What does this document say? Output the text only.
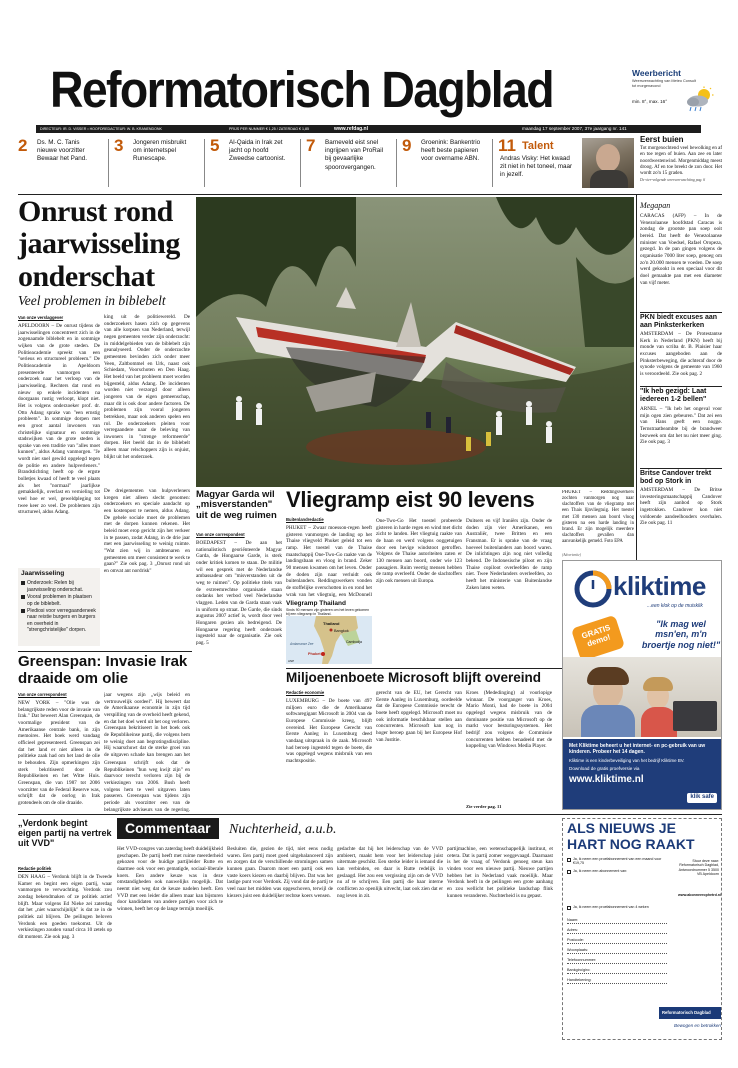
Reformatorisch Dagblad	Weerbericht
Weersverwachting van Meteo Consult
tot morgenavond
min. 8°, max. 16°
DIRECTEUR: IR. D. VISSER • HOOFDREDACTEUR: W. B. KRANENDONK	PRIJS PER NUMMER € 1,25 / ZATERDAG € 1,85	www.refdag.nl	maandag 17 september 2007, 37e jaargang nr. 141
2 Ds. M. C. Tanis nieuwe voorzitter Bewaar het Pand.
3 Jongeren misbruikt om internetspel Runescape.
5 Al-Qaida in Irak zet jacht op hoofd Zweedse cartoonist.
7 Barneveld eist snel ingrijpen van ProRail bij gevaarlijke spoorovergangen.
9 Groenink: Bankentrio heeft beste papieren voor overname ABN.
11 Talent
Andras Visky: Het kwaad zit niet in het toneel, maar in jezelf.
Eerst buien
Tot morgenochtend veel bewolking en af en toe regen of buien. Aan zee en later noordwestenwind. Morgenmiddag meest droog. Af en toe breekt de zon door. Het wordt zo'n 15 graden.
De vier-volgende weersverwachting pag. 6
Onrust rond jaarwisseling onderschat
Veel problemen in biblebelt
Van onze verslaggever
APELDOORN – De onrust tijdens de jaarwisselingen concentreert zich in de zogenaamde biblebelt en in sommige wijken van de grote steden. De Politieacademie spreekt van een "serieus en structureel probleem." De Politieacademie in Apeldoorn presenteerde vanmorgen een onderzoek naar het verloop van de jaarwisseling. Rechters dat rond en nieuw op enkele incidenten na doorgaans rustig verloopt, klopt niet. Het is volgens onderzoeker prof. dr. Otto Adang sprake van "een ernstig probleem". In sommige dorpen met een groot aantal inwoners van christelijke signatuur en sommige stadswijken van de grote steden is sprake van een traditie van "alles moet kunnen", aldus Adang vanmorgen. "Je wordt niet snel gewild opgelegd tegen de politie en andere hulpverleners." Brandstichting heeft op de ergste bolletjes kwaad of heeft te veel plaats als het "normaal" jaarlijkse gemakkelijk, overlast en vernieling tot veel hoe er wel, geweldpleging tot twee keer zo veel. De problemen zijn structureel, aldus Adang.
king uit de politiewereld. De onderzoekers hasen zich op gegevens van alle korpsen van Nederland, terwijl negen gemeenten verder zijn onderzocht: in middelgebieden van de biblebelt zijn geanalyseerd. Onder de onderzochte gemeenten bevinden zich onder meer Veen, Zaltbommel en Urk, naast ook Schiedam, Voorschoten en Den Haag. Het beeld van het probleem moet worden bijgesteld, aldus Adang. De incidenten worden niet verzorgd door alleen jongeren van de eigen gemeenschap, maar dit is ook door andere factoren. De problemen zijn vooral jongeren betrekken, maar ook anderen spelen een rol. De onderzoekers pleiten voor verregaandere naar de beleving van inwoners in "strenge reformeerde" dorpen. Het beeld dat in de biblebelt alleen maar relschoppers zijn is onjuist, blijkt uit het onderzoek.
De dreigementen van hulpverleners kregen niet alleen slecht genomen: onderzoekers en speciale aandacht op een kostenpost te nemen, aldus Adang. De gehele sociale moet de problemen met de dorpen kunnen rekenen. Het beleid moet erop gericht zijn het verkeer in te passen, zodat Adang, in de drie jaar met een jaarwisseling te weinig ruimte. "Wat zien wij in ambtenaren en gemeenten om meer consistent te werk te gaan?" Zie ook pag. 3 „Onrust rond uit en omvat ant nordrisk"
Jaarwisseling
Onderzoek: Relen bij jaarwisseling onderschat.
Vooral problemen in plaatsen op de biblebelt.
Plediosi voor verregaandeneek naar reistie burgers en burgers en overheid in "strengchristelijke" dorpen.
Greenspan: Invasie Irak draaide om olie
Van onze correspondent
NEW YORK – "Olie was de belangrijkste reden voor de invasie van Irak." Dat beweert Alan Greenspan, de voormalige president van de Amerikaanse centrale bank, in zijn memoires. Het boek werd vandaag officieel gepresenteerd. Greenspan zei dat het land er niet alleen in de politieke zaak had om het land de olie te behouden. Zijn opmerkingen zijn sterk bekritiseerd door de Republikeinen en het Witte Huis. Greenspan, die van 1987 tot 2006 voorzitter van de Federal Reserve was, schrijft dat de oorlog in Irak grotendeels om de olie draaide.
jaar wegens zijn „wijs beleid en vertrouwelijk oordeel". Hij beweert dat de Amerikaanse economie in zijn tijd verspilling van de overheid heeft gekend, en dat het doel werd uit het oog verloren. Greenspan bekritiseert in het boek ook de Republikeinse partij, die volgens hem te weinig doet aan begrotingsdiscipline. Hij waarschuwt dat de sterke groei van de uitgaven schade kan brengen aan het
Greenspan schrijft ook dat de Republikeinen "hun weg kwijt zijn" en daarvoor terecht verloren zijn bij de verkiezingen van 2006. Bush heeft volgens hem te veel uitgaven laten passeren. Greenspan was tijdens zijn periode als voorzitter een van de belangrijkste adviseurs van de regering.
Magyar Garda wil „misverstanden" uit de weg ruimen
Van onze correspondent
BOEDAPEST – De aan het nationalistisch georiënteerde Magyar Garda, de Hongaarse Garde, is sterk onder kritiek komen te staan. De militie wil een gesprek met de Nederlandse ambassadeur om "misverstanden uit de weg te ruimen". Op politieke titels van de extreemrechtse organisatie staan ondanks het verbod veel Nederlandse vlaggen. Leden van de Garda staan vaak in uniform op straat. De Garde, die sinds augustus 2007 actief is, wordt door veel Hongaren gezien als bedreigend. De Hongaarse regering heeft onderzoek ingesteld naar de organisatie. Zie ook pag. 5
Vliegramp eist 90 levens
Buitenlandredactie
PHUKET – Zwaar moesson-regen heeft gisteren vanmorgen de landing op het Thaise vliegveld Phuket geleid tot een ramp. Het toestel van de Thaise maatschappij One-Two-Go raakte van de landingsbaan en vloog in brand. Zeker 90 mensen kwamen om het leven. Onder de doden zijn naar verluidt ook buitenlanders. Reddingswerkers vonden de stoffelijke overschotten in en rond het wrak van het vliegtuig, een McDonnell
One-Two-Go Het toestel probeerde gisteren in harde regen en wind met dicht zicht te landen. Het vliegtuig raakte van de baan en werd volgens ooggetuigen door een hevige windstoot getroffen. Volgens de Thaise autoriteiten zaten er 130 mensen aan boord, onder wie 123 passagiers. Ruim veertig mensen hebben de ramp overleefd. Onder de slachtoffers zijn ook mensen uit Europa.
Duitsers en vijf Iraniërs zijn. Onder de doden zijn vier Amerikanen, een Australiër, twee Britten en een Fransman. Er is sprake van de vraag hoeveel buitenlanders aan boord waren. De inlichtingen zijn nog niet volledig bekend. De Indonesische piloot en zijn Thaise copiloot overleefden de ramp niet. Twee Nederlanders overleefden, zo heeft het ministerie van Buitenlandse Zaken laten weten.
PHUKET – Reddingswerkers zochten vanmorgen nog naar slachtoffers van de vliegramp met een Thais lijnvliegtuig. Het toestel met 130 mensen aan boord vloog gisteren na een harde landing in brand. Er zijn mogelijk meerdere slachtoffers gevallen dan aanvankelijk gemeld. Foto EPA
Vliegramp Thailand
Sinds 90 mensen zijn gisteren om het leven gekomen bij een vliegramp in Thailand.
Thailand
Bangkok
Cambodja
Phuket
Andamanse Zee
ANP
Miljoenenboete Microsoft blijft overeind
Redactie economie
LUXEMBURG – De boete van 497 miljoen euro die de Amerikaanse softwaregigant Microsoft in 2004 van de Europese Commissie kreeg, blijft overeind. Het Europese Gerecht van Eerste Aanleg in Luxemburg deed vandaag uitspraak in de zaak. Microsoft had beroep ingesteld tegen de boete, die was opgelegd wegens misbruik van een machtspositie.
gerecht van de EU, het Gerecht van Eerste Aanleg in Luxemburg, oordeelde dat de Europese Commissie terecht de boete heeft opgelegd. Microsoft moet nu ook informatie beschikbaar stellen aan concurrenten. Microsoft kan nog in hoger beroep gaan bij het Europese Hof van Justitie.
Kroes (Mededinging) al voorlopige winnaar. De voorganger van Kroes, Mario Monti, had de boete in 2004 opgelegd wegens misbruik van de dominante positie van Microsoft op de markt voor besturingssystemen. Het bedrijf zou volgens de Commissie concurrenten hebben benadeeld met de koppeling van Windows Media Player.
Zie verder pag. 11
Megapan
CARACAS (AFP) – In de Venezolaanse hoofdstad Caracas is zondag de grootste pan soep ooit bereid. Dat heeft de Venezolaanse minister van Voedsel, Rafael Oropeza, gezegd. In de pan gingen volgens de organisatie 7000 liter soep, genoeg om zo'n 20.000 mensen te voeden. De soep werd gekookt in een speciaal voor dit doel gemaakte pan met een diameter van vijf meter.
PKN biedt excuses aan aan Pinksterkerken
AMSTERDAM – De Protestantse Kerk in Nederland (PKN) heeft bij monde van scriba dr. B. Plaisier haar excuses aangeboden aan de Pinksterbeweging, die achteraf door de synode volgens de gemeente van 1960 is veroordeeld. Zie ook pag. 2
"Ik heb gezigd: Laat iedereen 1-2 bellen"
ARNEL – "Ik heb het ongeval voor mijn ogen zien gebeuren." Dat zei een van Hans geeft een nogge. Ternstraatbeambte bij de brandweer bezweek om dat het nu niet meer ging. Zie ook pag. 3
Britse Candover trekt bod op Stork in
AMSTERDAM – De Britse investeringsmaatschappij Candover heeft zijn aanbod op Stork ingetrokken. Candover kon niet voldoende aandeelhouders overhalen. Zie ook pag. 11
(Advertentie)
kliktime
...een klok op de muisklik
"Ik mag wel msn'en, m'n broertje nog niet!"
GRATIS demo!
Met Kliktime beheert u het internet- en pc-gebruik van uw kinderen. Probeer het 14 dagen.
Kliktime is een kinderbeveiliging van het bedrijf Kliktime BV.
Download de gratis proefversie via
www.kliktime.nl
klik safe
„Verdonk begint eigen partij na vertrek uit VVD"
Redactie politiek
DEN HAAG – Verdonk blijft in de Tweede Kamer en begint een eigen partij, waar vanmorgen te verwachting. Verdonk zou zondag bekendmaken of ze politiek actief blijft. Maar volgens Ed Nieke zei zaterdag dat het „niet waarschijnlijk" is dat ze in de politiek zal blijven. De peilingen beloven Verdonk een goeden toekomst. Uit de verkiezingen zouden vanaf circa 10 zetels op dit moment. Zie ook pag. 3
Commentaar	Nuchterheid, a.u.b.
Het VVD-congres van zaterdag heeft duidelijkheid geschapen. De partij heeft met ruime meerderheid gekozen voor de huidige partijleider Rutte en daarmee ook voor een gematigde, sociaal-liberale koers. Een andere keuze was in deze omstandigheden ook nauwelijks mogelijk. Dat neemt niet weg dat de keuze nadelen heeft. Een VVD met een leider die alleen maar kan bijsturen door kandidaten van andere partijen voor zich te winnen, heeft het op de lange termijn moeilijk.
Besluiten die, gezien de tijd, niet eens nodig waren. Een partij moet goed uitgebalanceerd zijn en zorgen dat de verschillende stromingen samen kunnen gaan. Daarom moet een partij ook een vaste koers kiezen en daarbij blijven. Dat was het lastige punt voor Verdonk. Zij vond dat de partij te veel naar het midden was opgeschoven, terwijl de kiezers juist een duidelijker rechtse koers wensen.
gedachte dat hij het leiderschap van de VVD ambieert, maakt hem voor het leiderschap juist uitermate geschikt. Een sterke leider is iemand die kan verbinden, en daar is Rutte redelijk in geslaagd. Het zou een vergissing zijn om de VVD nu af te schrijven. Een partij die haar interne conflicten zo openlijk uitvecht, laat ook zien dat er nog leven in zit.
partijmachine, een wetenschappelijk instituut, et cetera. Dat is partij zomer weggevaagd. Daarnaast is het de vraag of Verdonk genoeg steun kan vinden voor een nieuwe partij. Nieuwe partijen hebben het in Nederland vaak moeilijk. Maar Verdonk heeft in de peilingen een grote aanhang en zou wellicht het politieke landschap flink kunnen veranderen. Nuchterheid is nu gepast.
ALS NIEUWS JE
HART NOG RAAKT
Ja, ik neem een proefabonnement van een maand voor €19,75
Ja, ik neem een abonnement van:
Ja, ik neem een proefabonnement van 4 weken
Naam:
Adres:
Postcode:
Woonplaats:
Telefoonnummer:
Bankgiro/giro:
Handtekening:
Stuur deze naar: Reformatorisch Dagblad, Antwoordnummer 5 3500 VB Apeldoorn
www.abonneerophetrd.nl
Reformatorisch Dagblad
Bewogen en betrokken
